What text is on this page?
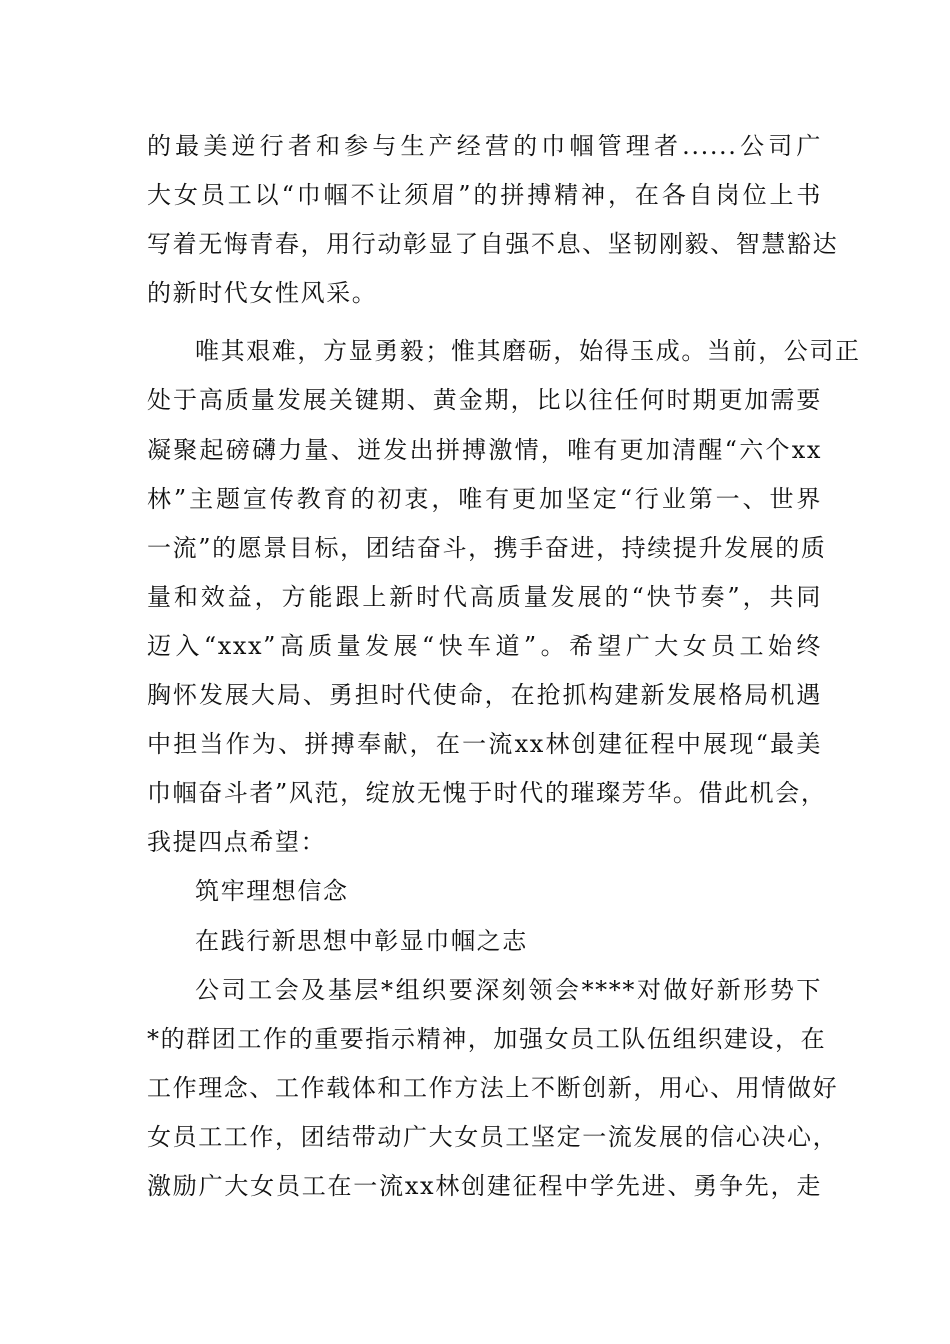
的最美逆行者和参与生产经营的巾帼管理者......公司广
大女员工以“巾帼不让须眉”的拼搏精神，在各自岗位上书
写着无悔青春，用行动彰显了自强不息、坚韧刚毅、智慧豁达
的新时代女性风采。
唯其艰难，方显勇毅；惟其磨砺，始得玉成。当前，公司正
处于高质量发展关键期、黄金期，比以往任何时期更加需要
凝聚起磅礴力量、迸发出拼搏激情，唯有更加清醒“六个xx
林”主题宣传教育的初衷，唯有更加坚定“行业第一、世界
一流”的愿景目标，团结奋斗，携手奋进，持续提升发展的质
量和效益，方能跟上新时代高质量发展的“快节奏”，共同
迈入“xxx”高质量发展“快车道”。希望广大女员工始终
胸怀发展大局、勇担时代使命，在抢抓构建新发展格局机遇
中担当作为、拼搏奉献，在一流xx林创建征程中展现“最美
巾帼奋斗者”风范，绽放无愧于时代的璀璨芳华。借此机会，
我提四点希望：
筑牢理想信念
在践行新思想中彰显巾帼之志
公司工会及基层*组织要深刻领会****对做好新形势下
*的群团工作的重要指示精神，加强女员工队伍组织建设，在
工作理念、工作载体和工作方法上不断创新，用心、用情做好
女员工工作，团结带动广大女员工坚定一流发展的信心决心，
激励广大女员工在一流xx林创建征程中学先进、勇争先，走
